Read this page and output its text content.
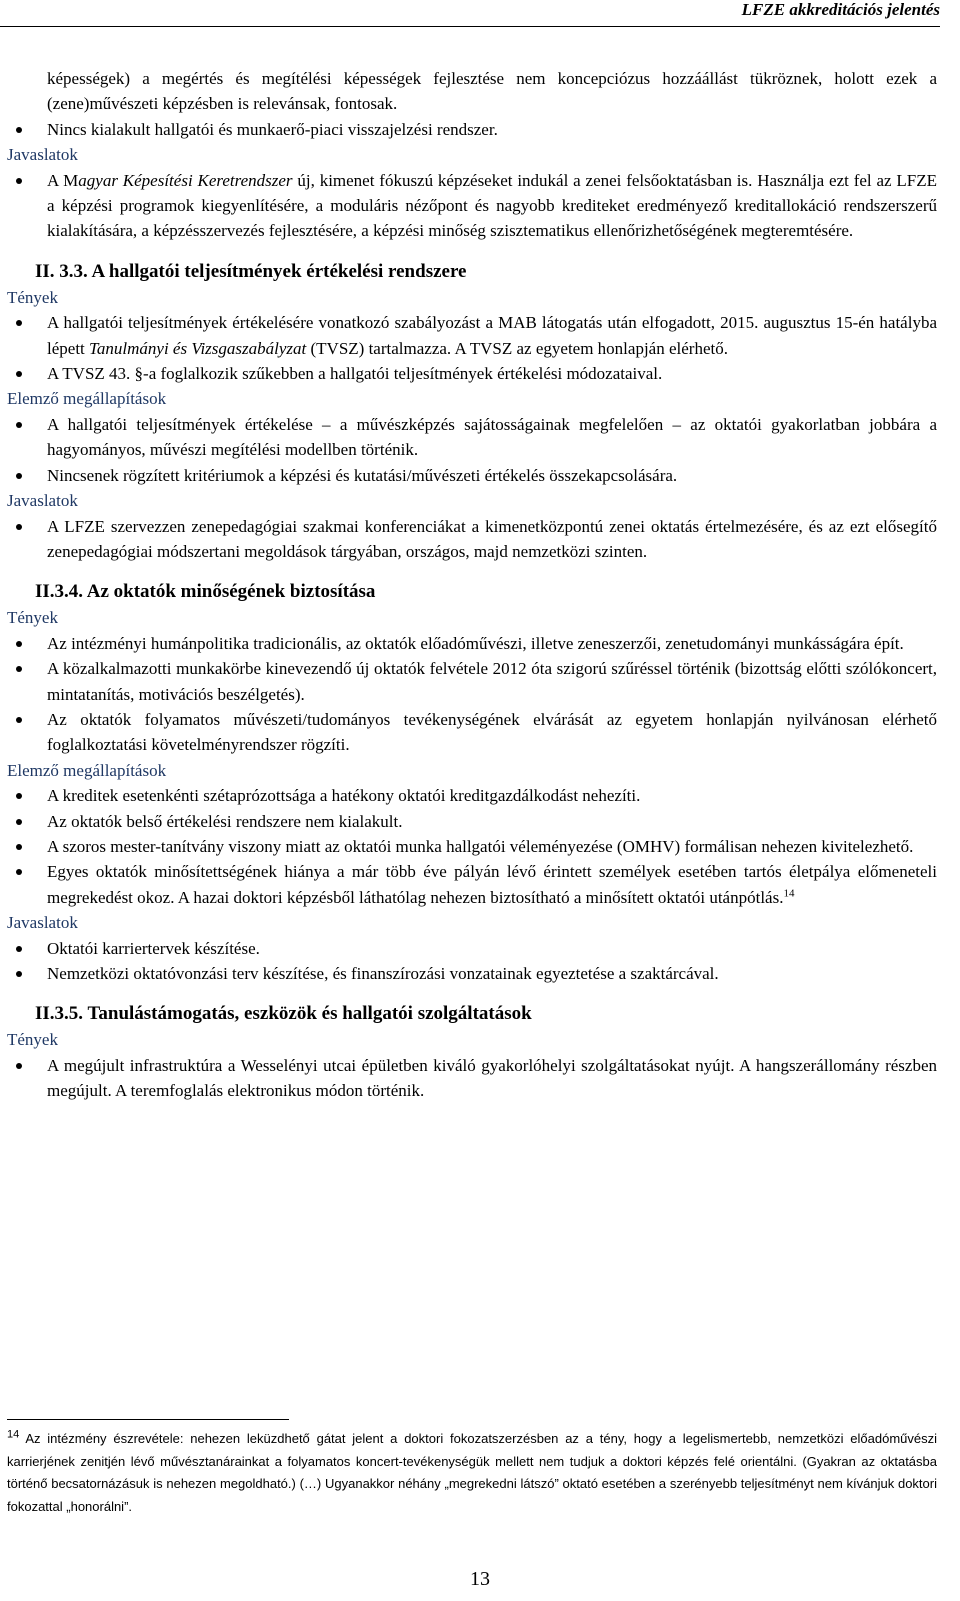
LFZE akkreditációs jelentés
képességek) a megértés és megítélési képességek fejlesztése nem koncepciózus hozzáállást tükröznek, holott ezek a (zene)művészeti képzésben is relevánsak, fontosak.
Nincs kialakult hallgatói és munkaerő-piaci visszajelzési rendszer.

Javaslatok

A Magyar Képesítési Keretrendszer új, kimenet fókuszú képzéseket indukál a zenei felsőoktatásban is. Használja ezt fel az LFZE a képzési programok kiegyenlítésére, a moduláris nézőpont és nagyobb krediteket eredményező kreditallokáció rendszerszerű kialakítására, a képzésszervezés fejlesztésére, a képzési minőség szisztematikus ellenőrizhetőségének megteremtésére.
II. 3.3. A hallgatói teljesítmények értékelési rendszere

Tények

A hallgatói teljesítmények értékelésére vonatkozó szabályozást a MAB látogatás után elfogadott, 2015. augusztus 15-én hatályba lépett Tanulmányi és Vizsgaszabályzat (TVSZ) tartalmazza. A TVSZ az egyetem honlapján elérhető.
A TVSZ 43. §-a foglalkozik szűkebben a hallgatói teljesítmények értékelési módozataival.

Elemző megállapítások

A hallgatói teljesítmények értékelése – a művészképzés sajátosságainak megfelelően – az oktatói gyakorlatban jobbára a hagyományos, művészi megítélési modellben történik.
Nincsenek rögzített kritériumok a képzési és kutatási/művészeti értékelés összekapcsolására.

Javaslatok

A LFZE szervezzen zenepedagógiai szakmai konferenciákat a kimenetközpontú zenei oktatás értelmezésére, és az ezt elősegítő zenepedagógiai módszertani megoldások tárgyában, országos, majd nemzetközi szinten.
II.3.4. Az oktatók minőségének biztosítása

Tények

Az intézményi humánpolitika tradicionális, az oktatók előadóművészi, illetve zeneszerzői, zenetudományi munkásságára épít.
A közalkalmazotti munkakörbe kinevezendő új oktatók felvétele 2012 óta szigorú szűréssel történik (bizottság előtti szólókoncert, mintatanítás, motivációs beszélgetés).
Az oktatók folyamatos művészeti/tudományos tevékenységének elvárását az egyetem honlapján nyilvánosan elérhető foglalkoztatási követelményrendszer rögzíti.

Elemző megállapítások

A kreditek esetenkénti szétaprózottsága a hatékony oktatói kreditgazdálkodást nehezíti.
Az oktatók belső értékelési rendszere nem kialakult.
A szoros mester-tanítvány viszony miatt az oktatói munka hallgatói véleményezése (OMHV) formálisan nehezen kivitelezhető.
Egyes oktatók minősítettségének hiánya a már több éve pályán lévő érintett személyek esetében tartós életpálya előmeneteli megrekedést okoz. A hazai doktori képzésből láthatólag nehezen biztosítható a minősített oktatói utánpótlás.$^{14}$

Javaslatok

Oktatói karriertervek készítése.
Nemzetközi oktatóvonzási terv készítése, és finanszírozási vonzatainak egyeztetése a szaktárcával.
II.3.5. Tanulástámogatás, eszközök és hallgatói szolgáltatások

Tények

A megújult infrastruktúra a Wesselényi utcai épületben kiváló gyakorlóhelyi szolgáltatásokat nyújt. A hangszerállomány részben megújult. A teremfoglalás elektronikus módon történik.
$^{14}$ Az intézmény észrevétele: nehezen leküzdhető gátat jelent a doktori fokozatszerzésben az a tény, hogy a legelismertebb, nemzetközi előadóművészi karrierjének zenitjén lévő művésztanárainkat a folyamatos koncert-tevékenységük mellett nem tudjuk a doktori képzés felé orientálni. (Gyakran az oktatásba történő becsatornázásuk is nehezen megoldható.) (…) Ugyanakkor néhány „megrekedni látszó” oktató esetében a szerényebb teljesítményt nem kívánjuk doktori fokozattal „honorálni”.
13
